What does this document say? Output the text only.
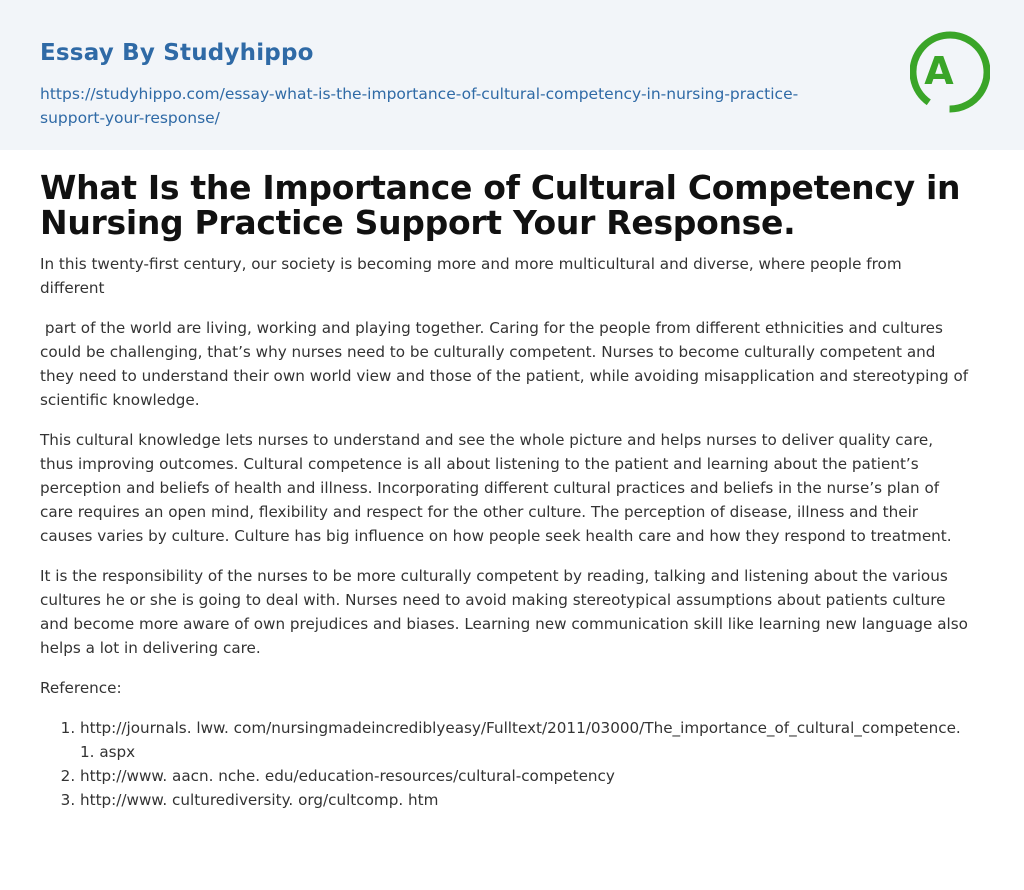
Essay By Studyhippo
https://studyhippo.com/essay-what-is-the-importance-of-cultural-competency-in-nursing-practice-support-your-response/
A
What Is the Importance of Cultural Competency in Nursing Practice Support Your Response.

In this twenty-first century, our society is becoming more and more multicultural and diverse, where people from different

part of the world are living, working and playing together. Caring for the people from different ethnicities and cultures could be challenging, that’s why nurses need to be culturally competent. Nurses to become culturally competent and they need to understand their own world view and those of the patient, while avoiding misapplication and stereotyping of scientific knowledge.

This cultural knowledge lets nurses to understand and see the whole picture and helps nurses to deliver quality care, thus improving outcomes. Cultural competence is all about listening to the patient and learning about the patient’s perception and beliefs of health and illness. Incorporating different cultural practices and beliefs in the nurse’s plan of care requires an open mind, flexibility and respect for the other culture. The perception of disease, illness and their causes varies by culture. Culture has big influence on how people seek health care and how they respond to treatment.

It is the responsibility of the nurses to be more culturally competent by reading, talking and listening about the various cultures he or she is going to deal with. Nurses need to avoid making stereotypical assumptions about patients culture and become more aware of own prejudices and biases. Learning new communication skill like learning new language also helps a lot in delivering care.

Reference:

1. http://journals. lww. com/nursingmadeincrediblyeasy/Fulltext/2011/03000/The_importance_of_cultural_competence. 1. aspx
2. http://www. aacn. nche. edu/education-resources/cultural-competency
3. http://www. culturediversity. org/cultcomp. htm
